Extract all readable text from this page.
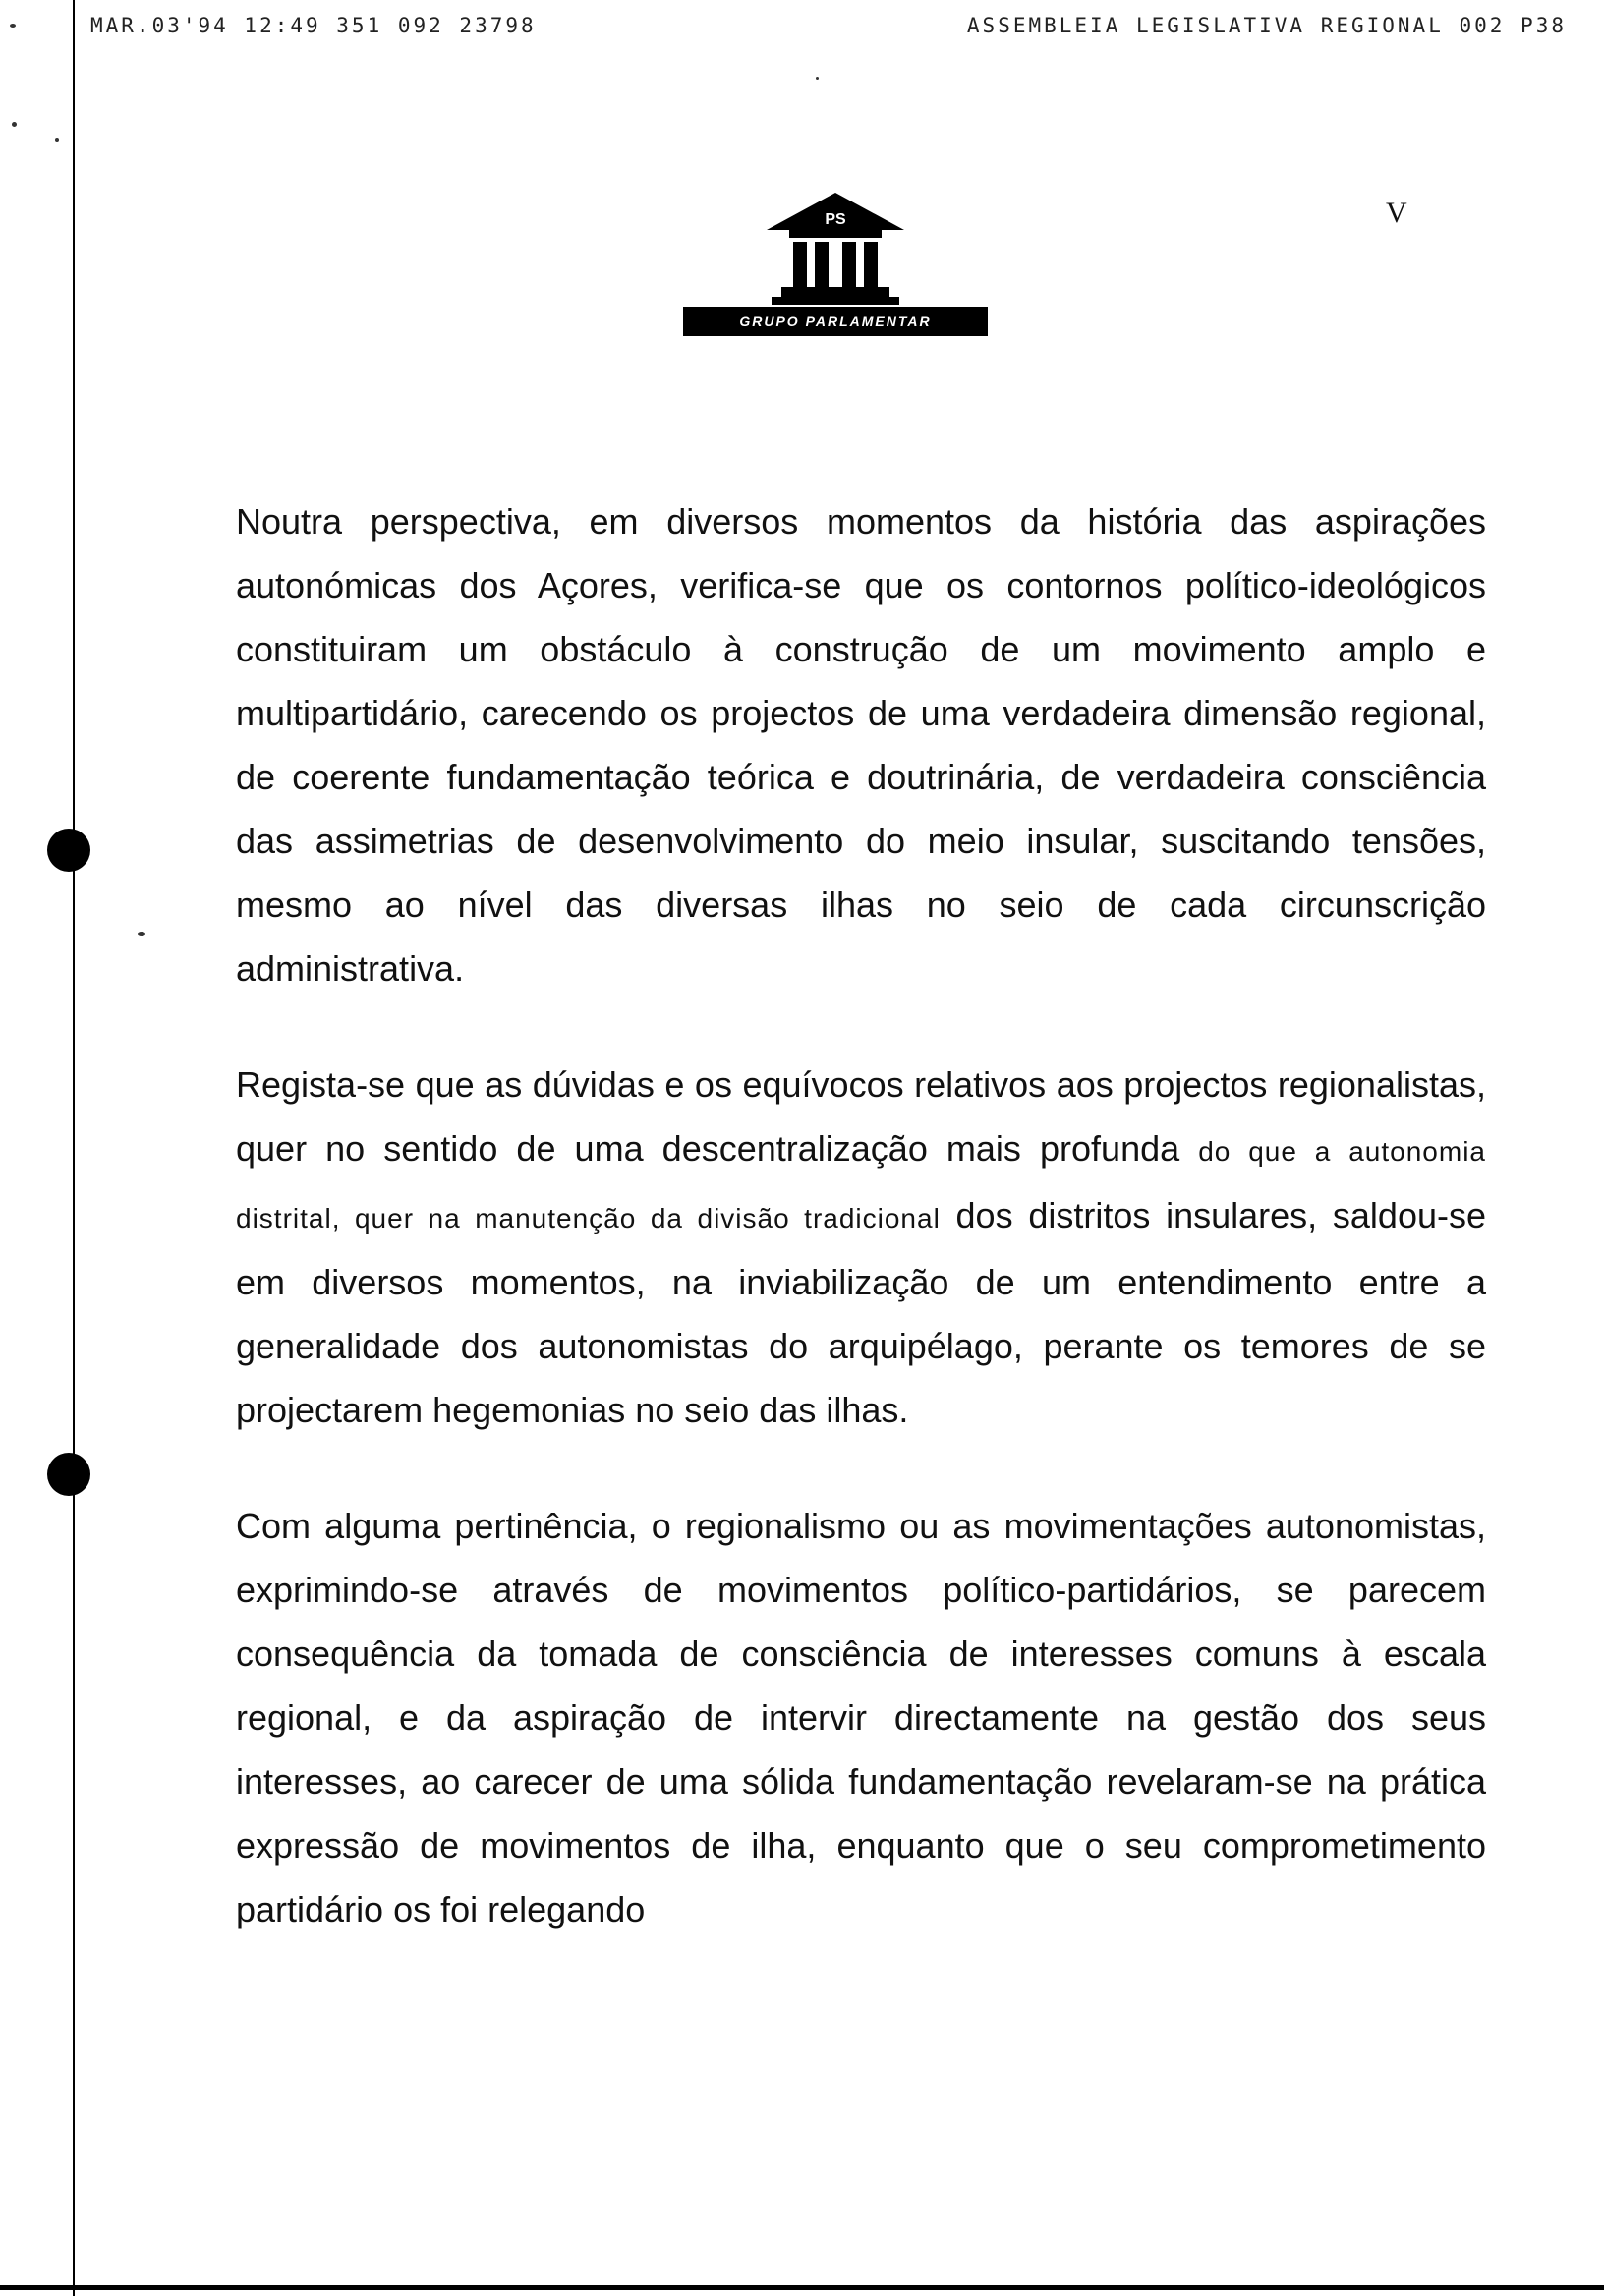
MAR.03'94 12:49 351 092 23798	ASSEMBLEIA LEGISLATIVA REGIONAL 002 P38
V
PS
GRUPO PARLAMENTAR

Noutra perspectiva, em diversos momentos da história das aspirações autonómicas dos Açores, verifica-se que os contornos político-ideológicos constituiram um obstáculo à construção de um movimento amplo e multipartidário, carecendo os projectos de uma verdadeira dimensão regional, de coerente fundamentação teórica e doutrinária, de verdadeira consciência das assimetrias de desenvolvimento do meio insular, suscitando tensões, mesmo ao nível das diversas ilhas no seio de cada circunscrição administrativa.

Regista-se que as dúvidas e os equívocos relativos aos projectos regionalistas, quer no sentido de uma descentralização mais profunda do que a autonomia distrital, quer na manutenção da divisão tradicional dos distritos insulares, saldou-se em diversos momentos, na inviabilização de um entendimento entre a generalidade dos autonomistas do arquipélago, perante os temores de se projectarem hegemonias no seio das ilhas.

Com alguma pertinência, o regionalismo ou as movimentações autonomistas, exprimindo-se através de movimentos político-partidários, se parecem consequência da tomada de consciência de interesses comuns à escala regional, e da aspiração de intervir directamente na gestão dos seus interesses, ao carecer de uma sólida fundamentação revelaram-se na prática expressão de movimentos de ilha, enquanto que o seu comprometimento partidário os foi relegando
